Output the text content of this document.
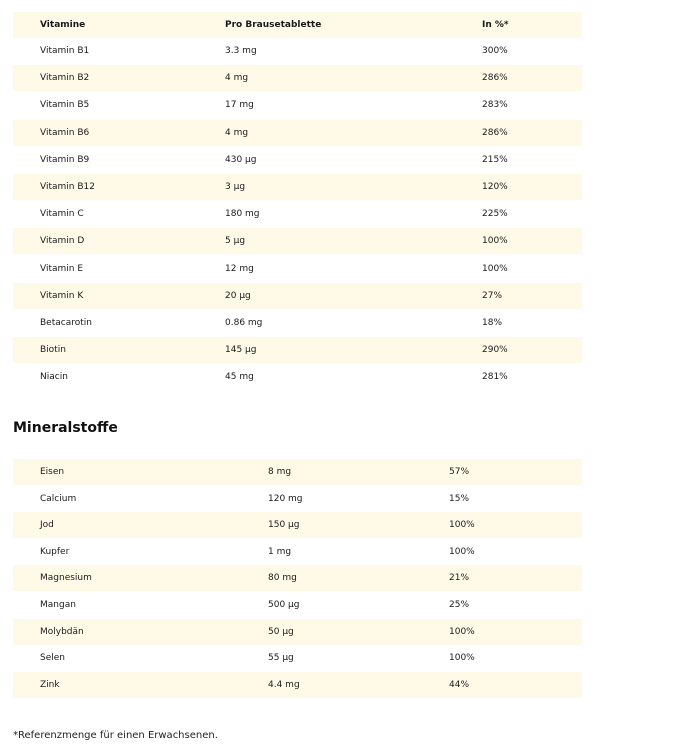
Vitamine	Pro Brausetablette	In %*
Vitamin B1	3.3 mg	300%
Vitamin B2	4 mg	286%
Vitamin B5	17 mg	283%
Vitamin B6	4 mg	286%
Vitamin B9	430 µg	215%
Vitamin B12	3 µg	120%
Vitamin C	180 mg	225%
Vitamin D	5 µg	100%
Vitamin E	12 mg	100%
Vitamin K	20 µg	27%
Betacarotin	0.86 mg	18%
Biotin	145 µg	290%
Niacin	45 mg	281%
Mineralstoffe
Eisen	8 mg	57%
Calcium	120 mg	15%
Jod	150 µg	100%
Kupfer	1 mg	100%
Magnesium	80 mg	21%
Mangan	500 µg	25%
Molybdän	50 µg	100%
Selen	55 µg	100%
Zink	4.4 mg	44%
*Referenzmenge für einen Erwachsenen.
